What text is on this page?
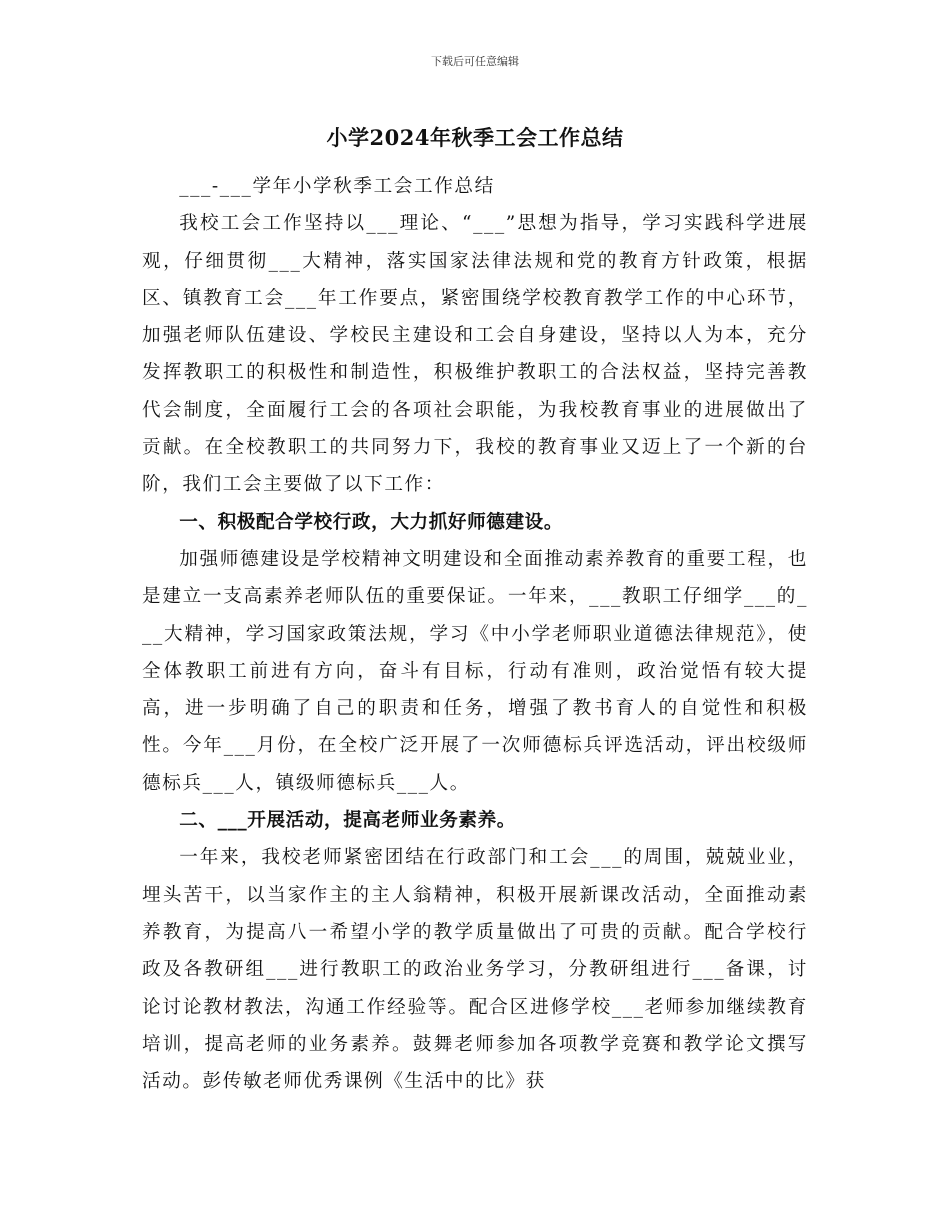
下载后可任意编辑
小学2024年秋季工会工作总结

___-___学年小学秋季工会工作总结

我校工会工作坚持以___理论、“___”思想为指导，学习实践科学进展观，仔细贯彻___大精神，落实国家法律法规和党的教育方针政策，根据区、镇教育工会___年工作要点，紧密围绕学校教育教学工作的中心环节，加强老师队伍建设、学校民主建设和工会自身建设，坚持以人为本，充分发挥教职工的积极性和制造性，积极维护教职工的合法权益，坚持完善教代会制度，全面履行工会的各项社会职能，为我校教育事业的进展做出了贡献。在全校教职工的共同努力下，我校的教育事业又迈上了一个新的台阶，我们工会主要做了以下工作：

一、积极配合学校行政，大力抓好师德建设。

加强师德建设是学校精神文明建设和全面推动素养教育的重要工程，也是建立一支高素养老师队伍的重要保证。一年来，___教职工仔细学___的___大精神，学习国家政策法规，学习《中小学老师职业道德法律规范》，使全体教职工前进有方向，奋斗有目标，行动有准则，政治觉悟有较大提高，进一步明确了自己的职责和任务，增强了教书育人的自觉性和积极性。今年___月份，在全校广泛开展了一次师德标兵评选活动，评出校级师德标兵___人，镇级师德标兵___人。

二、___开展活动，提高老师业务素养。

一年来，我校老师紧密团结在行政部门和工会___的周围，兢兢业业，埋头苦干，以当家作主的主人翁精神，积极开展新课改活动，全面推动素养教育，为提高八一希望小学的教学质量做出了可贵的贡献。配合学校行政及各教研组___进行教职工的政治业务学习，分教研组进行___备课，讨论讨论教材教法，沟通工作经验等。配合区进修学校___老师参加继续教育培训，提高老师的业务素养。鼓舞老师参加各项教学竞赛和教学论文撰写活动。彭传敏老师优秀课例《生活中的比》获
